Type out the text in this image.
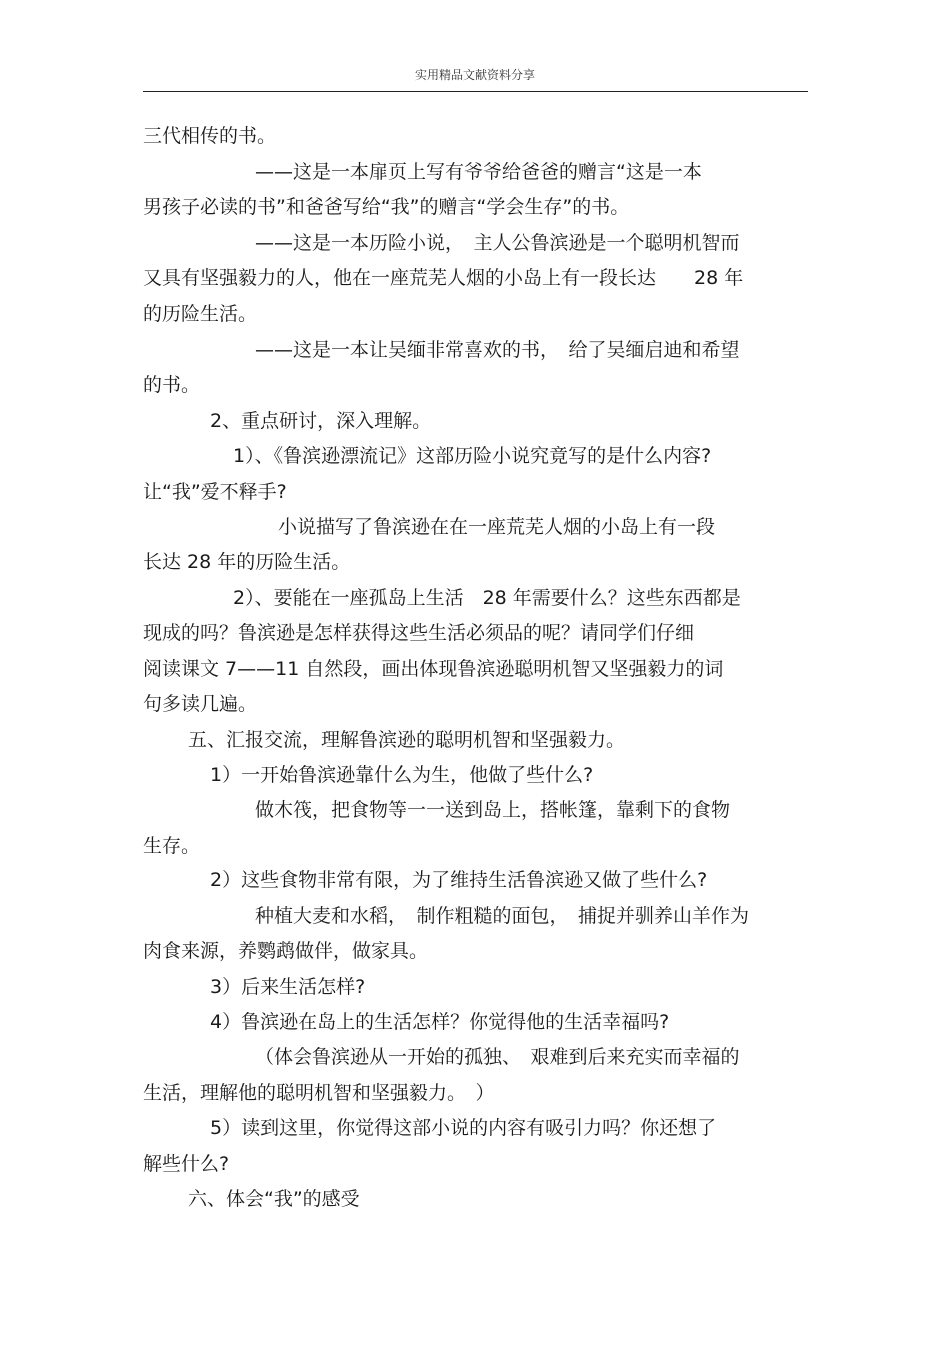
实用精品文献资料分享
三代相传的书。
——这是一本扉页上写有爷爷给爸爸的赠言“这是一本
男孩子必读的书”和爸爸写给“我”的赠言“学会生存”的书。
——这是一本历险小说，　主人公鲁滨逊是一个聪明机智而
又具有坚强毅力的人，他在一座荒芜人烟的小岛上有一段长达　　28 年
的历险生活。
——这是一本让吴缅非常喜欢的书，　给了吴缅启迪和希望
的书。
2、重点研讨，深入理解。
1）、《鲁滨逊漂流记》这部历险小说究竟写的是什么内容?
让“我”爱不释手?
小说描写了鲁滨逊在在一座荒芜人烟的小岛上有一段
长达 28 年的历险生活。
2）、要能在一座孤岛上生活　28 年需要什么？这些东西都是
现成的吗？鲁滨逊是怎样获得这些生活必须品的呢？请同学们仔细
阅读课文 7——11 自然段，画出体现鲁滨逊聪明机智又坚强毅力的词
句多读几遍。
五、汇报交流，理解鲁滨逊的聪明机智和坚强毅力。
1）一开始鲁滨逊靠什么为生，他做了些什么?
做木筏，把食物等一一送到岛上，搭帐篷，靠剩下的食物
生存。
2）这些食物非常有限，为了维持生活鲁滨逊又做了些什么?
种植大麦和水稻，　制作粗糙的面包，　捕捉并驯养山羊作为
肉食来源，养鹦鹉做伴，做家具。
3）后来生活怎样?
4）鲁滨逊在岛上的生活怎样？你觉得他的生活幸福吗?
（体会鲁滨逊从一开始的孤独、　艰难到后来充实而幸福的
生活，理解他的聪明机智和坚强毅力。　）
5）读到这里，你觉得这部小说的内容有吸引力吗？你还想了
解些什么?
六、体会“我”的感受
